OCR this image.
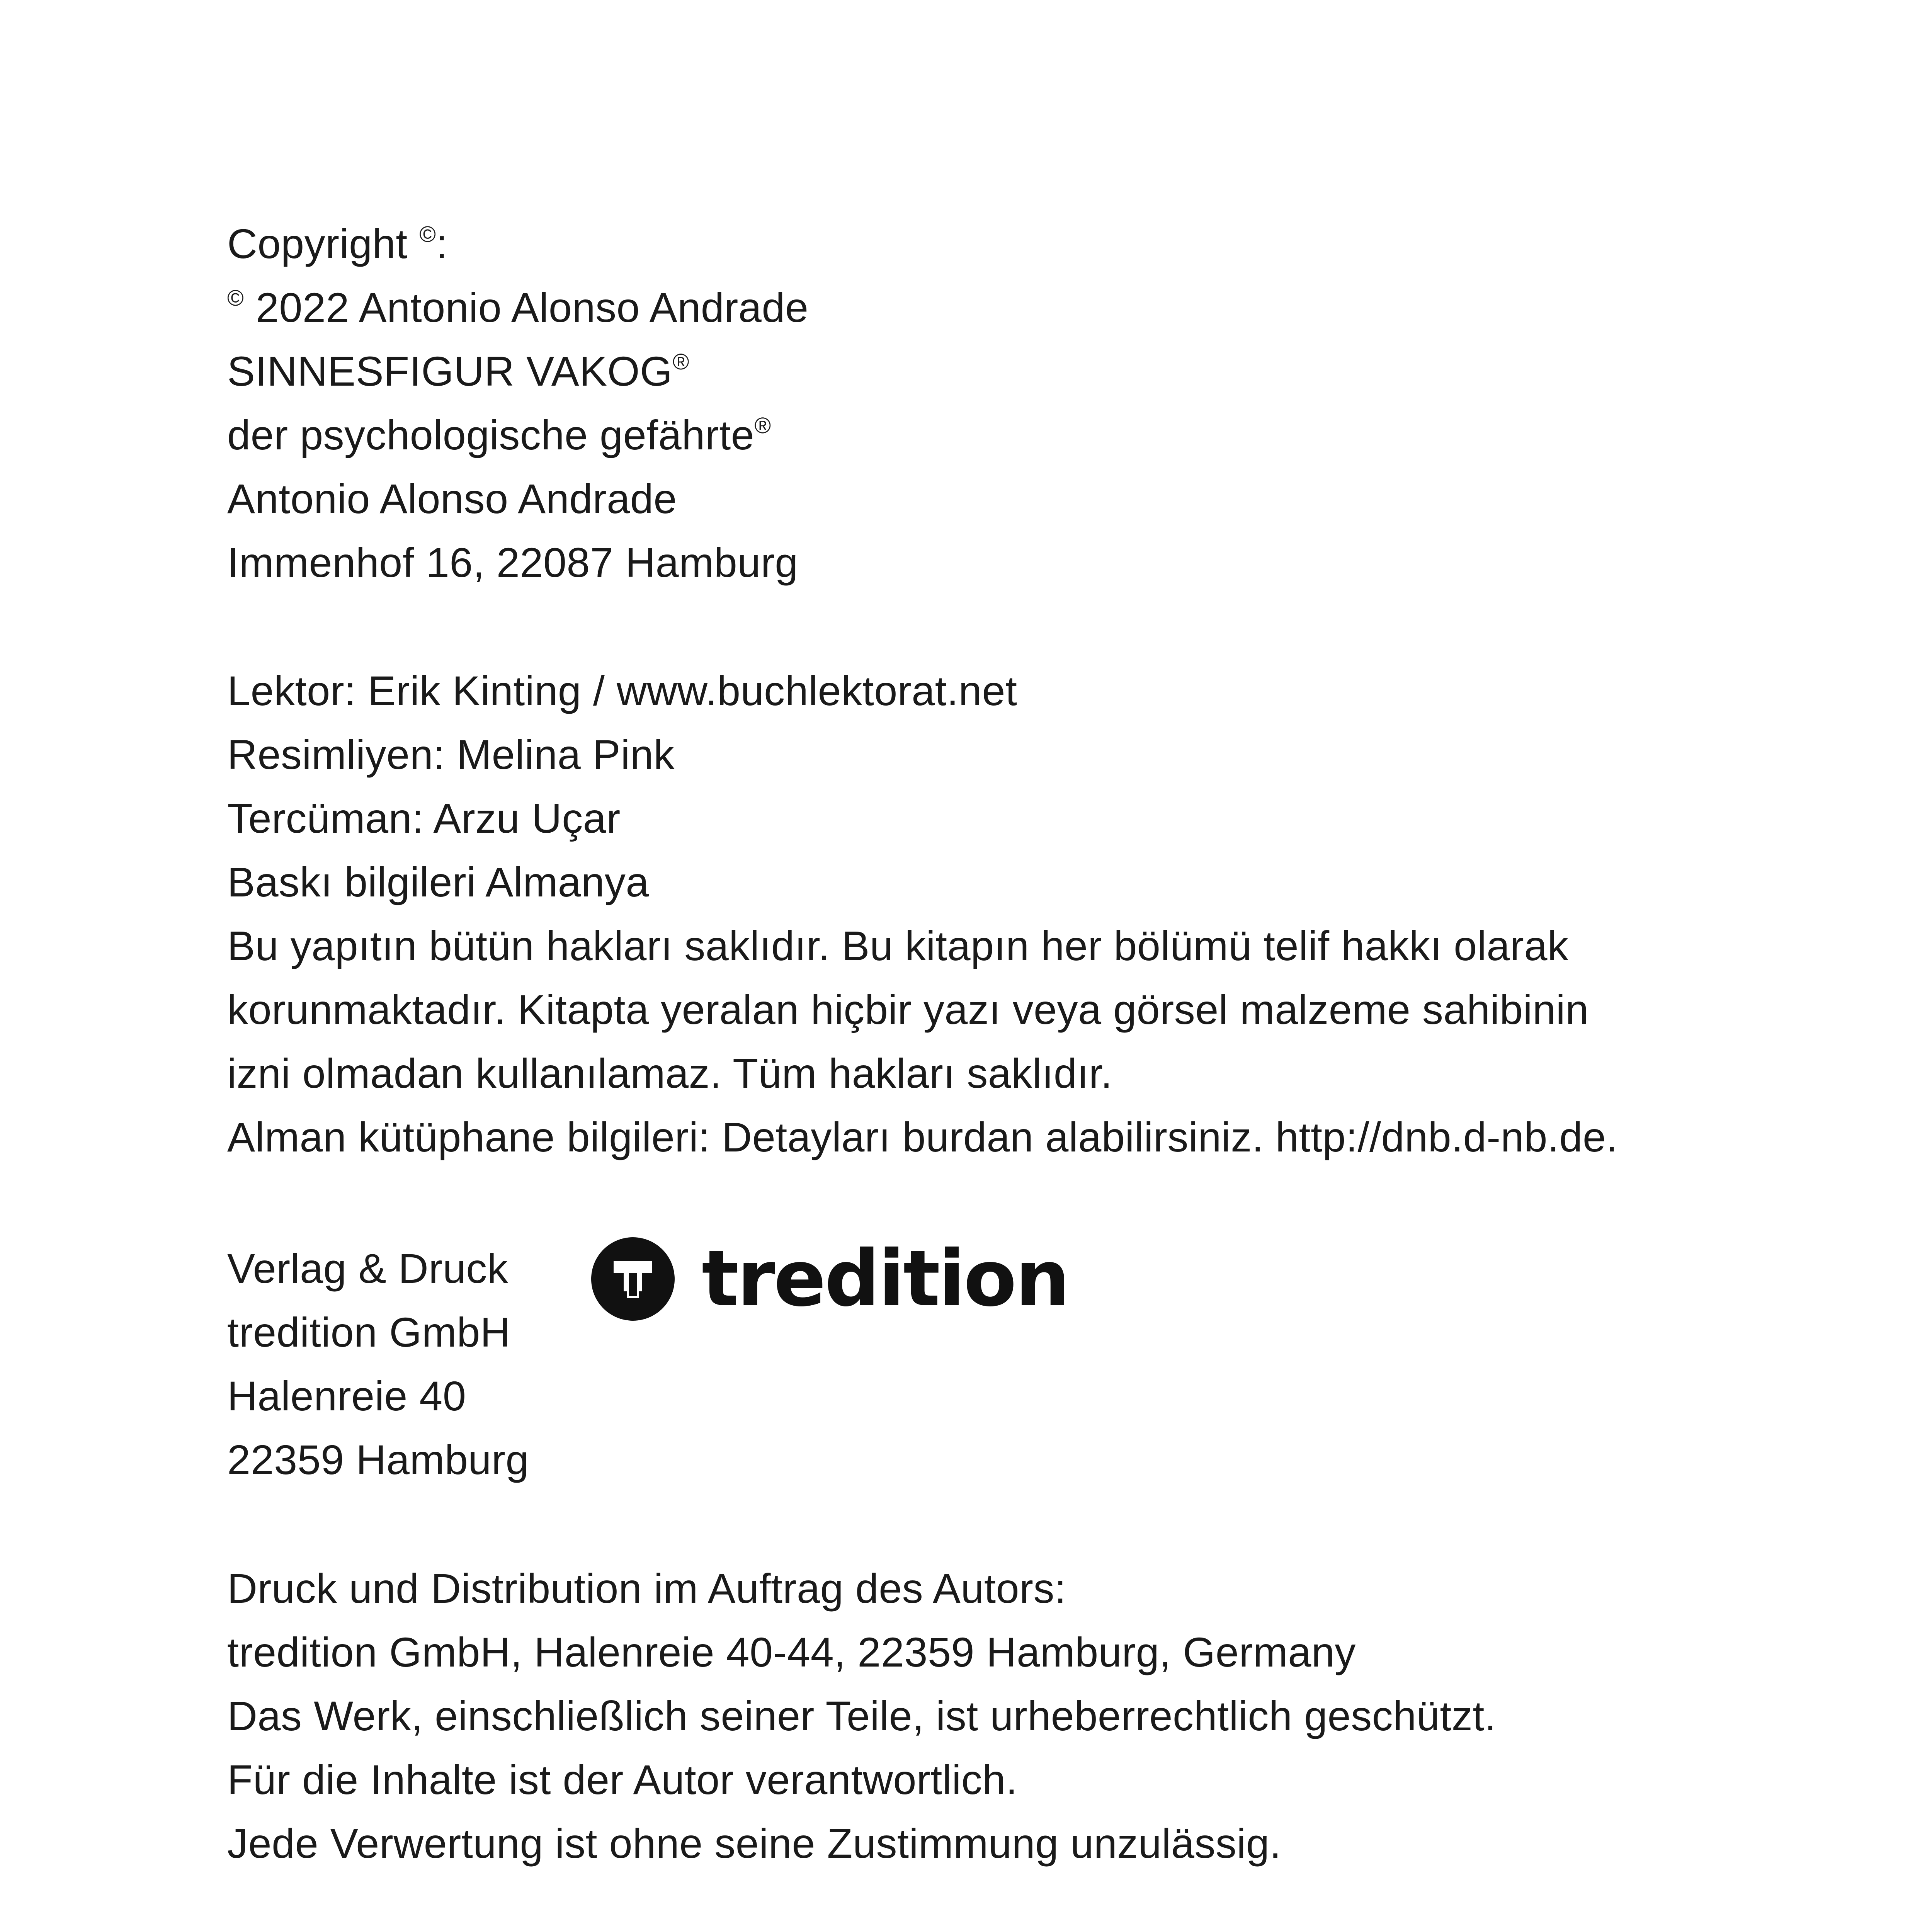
Copyright ©:
© 2022 Antonio Alonso Andrade
SINNESFIGUR VAKOG®
der psychologische gefährte®
Antonio Alonso Andrade
Immenhof 16, 22087 Hamburg
Lektor: Erik Kinting / www.buchlektorat.net
Resimliyen: Melina Pink
Tercüman: Arzu Uçar
Baskı bilgileri Almanya
Bu yapıtın bütün hakları saklıdır. Bu kitapın her bölümü telif hakkı olarak
korunmaktadır. Kitapta yeralan hiçbir yazı veya görsel malzeme sahibinin
izni olmadan kullanılamaz. Tüm hakları saklıdır.
Alman kütüphane bilgileri: Detayları burdan alabilirsiniz. http://dnb.d-nb.de.
Verlag & Druck
tredition GmbH
Halenreie 40
22359 Hamburg
tredition
Druck und Distribution im Auftrag des Autors:
tredition GmbH, Halenreie 40-44, 22359 Hamburg, Germany
Das Werk, einschließlich seiner Teile, ist urheberrechtlich geschützt.
Für die Inhalte ist der Autor verantwortlich.
Jede Verwertung ist ohne seine Zustimmung unzulässig.
